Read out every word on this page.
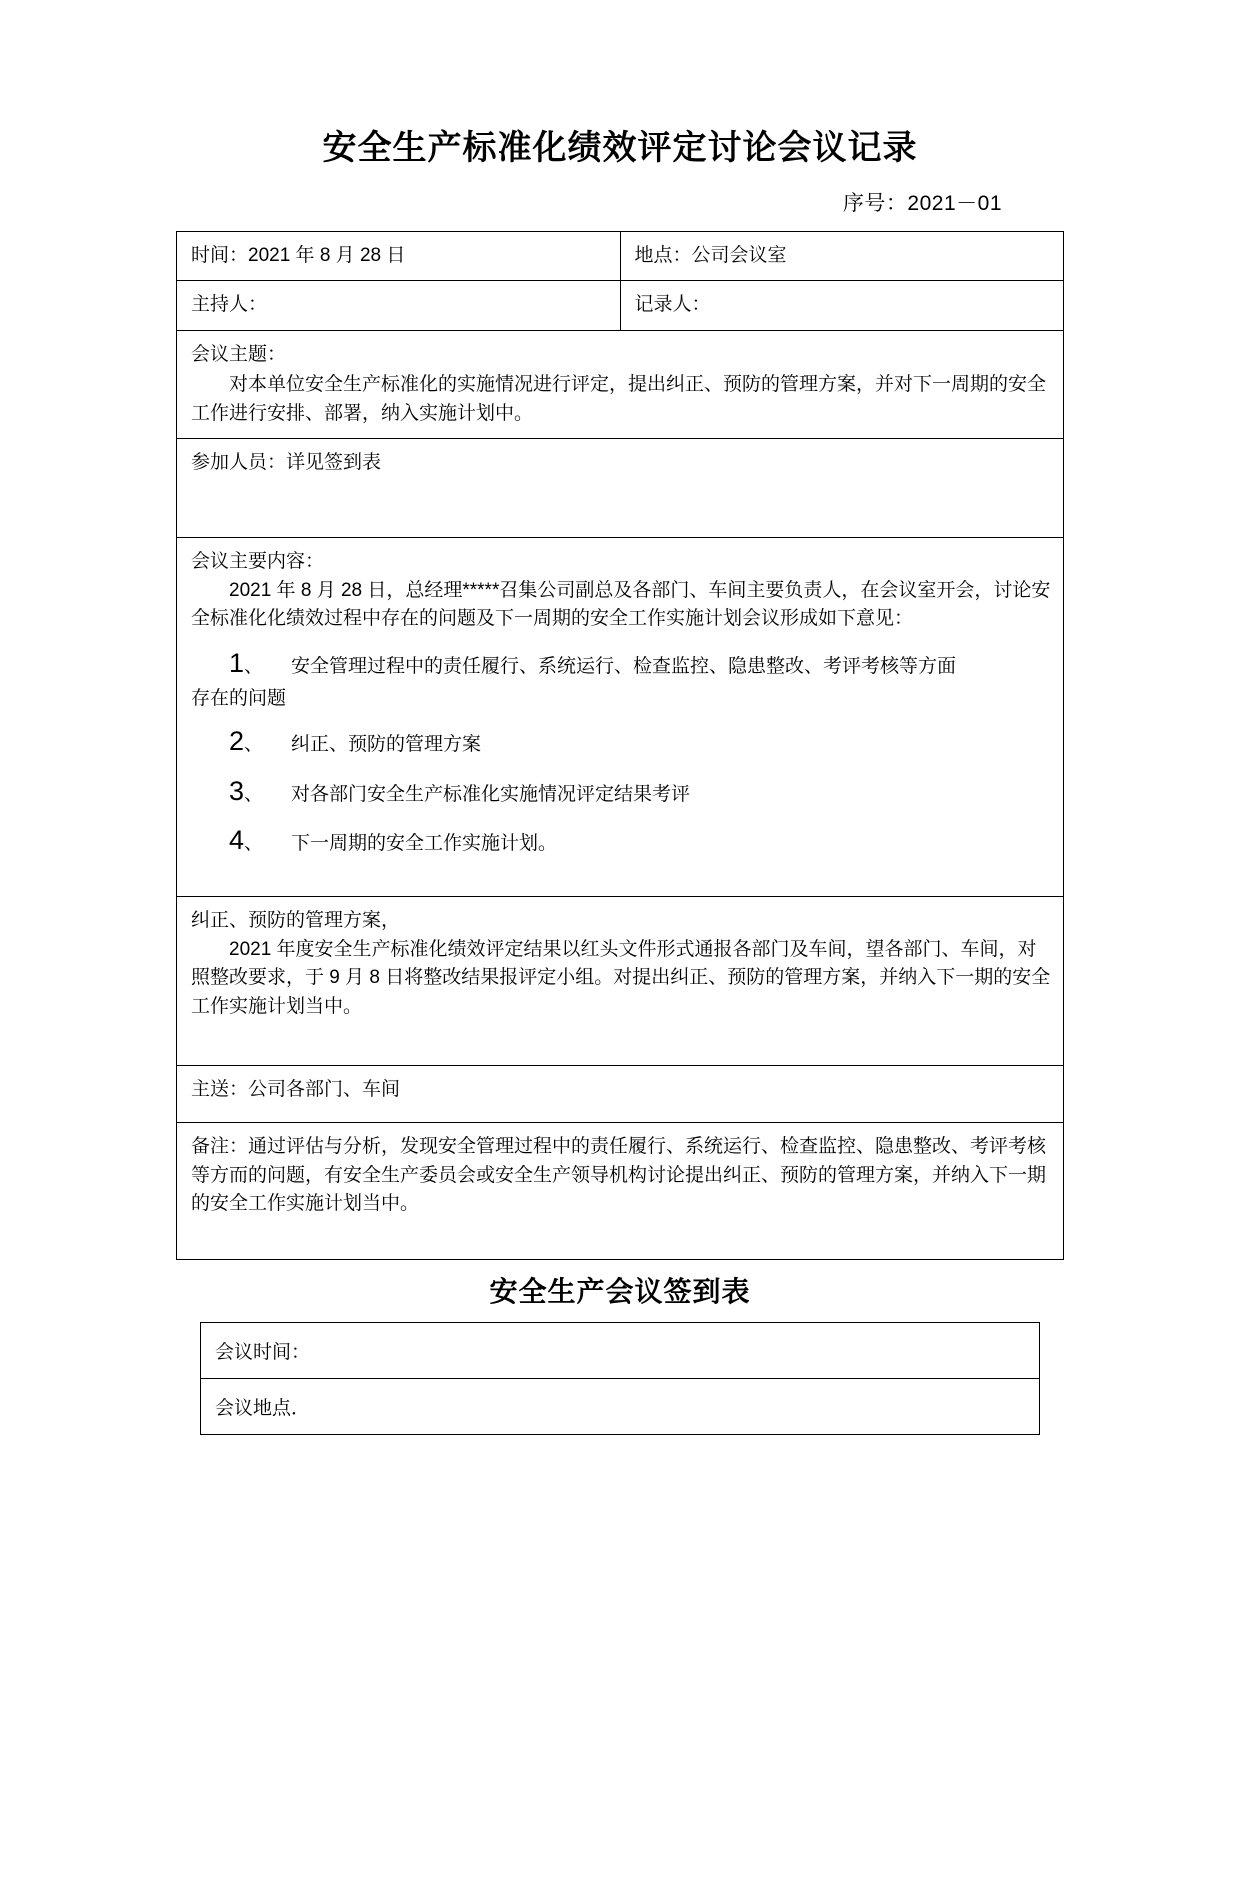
安全生产标准化绩效评定讨论会议记录
序号：2021－01

时间：2021 年 8 月 28 日	地点：公司会议室

主持人：	记录人：

会议主题：

对本单位安全生产标准化的实施情况进行评定，提出纠正、预防的管理方案，并对下一周期的安全工作进行安排、部署，纳入实施计划中。	

参加人员：详见签到表	

会议主要内容：

2021 年 8 月 28 日，总经理*****召集公司副总及各部门、车间主要负责人，在会议室开会，讨论安全标准化化绩效过程中存在的问题及下一周期的安全工作实施计划会议形成如下意见：

1、 安全管理过程中的责任履行、系统运行、检查监控、隐患整改、考评考核等方面
存在的问题
2、 纠正、预防的管理方案
3、 对各部门安全生产标准化实施情况评定结果考评
4、 下一周期的安全工作实施计划。

纠正、预防的管理方案，

2021 年度安全生产标准化绩效评定结果以红头文件形式通报各部门及车间，望各部门、车间，对照整改要求，于 9 月 8 日将整改结果报评定小组。对提出纠正、预防的管理方案，并纳入下一期的安全工作实施计划当中。	

主送：公司各部门、车间	

备注：通过评估与分析，发现安全管理过程中的责任履行、系统运行、检查监控、隐患整改、考评考核等方而的问题，有安全生产委员会或安全生产领导机构讨论提出纠正、预防的管理方案，并纳入下一期的安全工作实施计划当中。	

安全生产会议签到表
会议时间：
会议地点．
